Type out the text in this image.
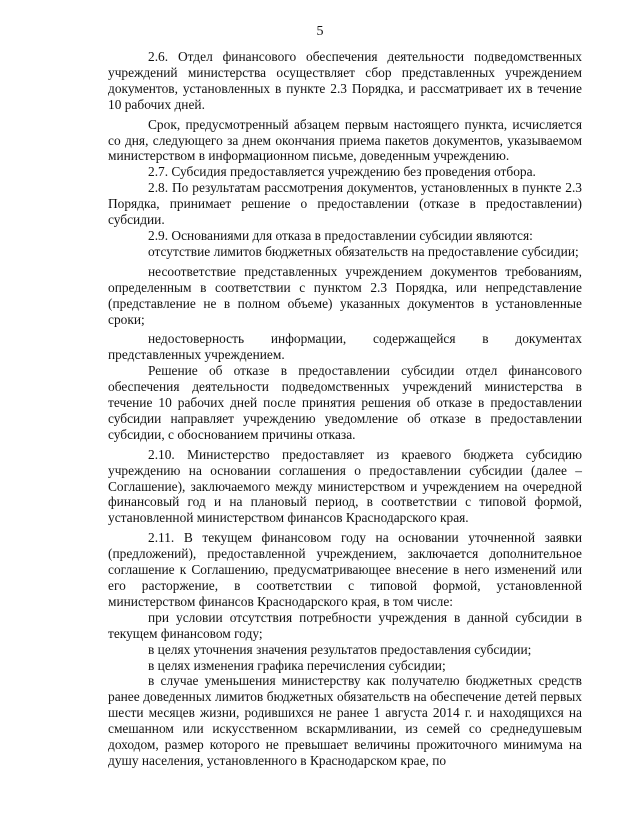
5

2.6. Отдел финансового обеспечения деятельности подведомственных учреждений министерства осуществляет сбор представленных учреждением документов, установленных в пункте 2.3 Порядка, и рассматривает их в течение 10 рабочих дней.

Срок, предусмотренный абзацем первым настоящего пункта, исчисляется со дня, следующего за днем окончания приема пакетов документов, указываемом министерством в информационном письме, доведенным учреждению.

2.7. Субсидия предоставляется учреждению без проведения отбора.

2.8. По результатам рассмотрения документов, установленных в пункте 2.3 Порядка, принимает решение о предоставлении (отказе в предоставлении) субсидии.

2.9. Основаниями для отказа в предоставлении субсидии являются:

отсутствие лимитов бюджетных обязательств на предоставление субсидии;

несоответствие представленных учреждением документов требованиям, определенным в соответствии с пунктом 2.3 Порядка, или непредставление (представление не в полном объеме) указанных документов в установленные сроки;

недостоверность информации, содержащейся в документах представленных учреждением.

Решение об отказе в предоставлении субсидии отдел финансового обеспечения деятельности подведомственных учреждений министерства в течение 10 рабочих дней после принятия решения об отказе в предоставлении субсидии направляет учреждению уведомление об отказе в предоставлении субсидии, с обоснованием причины отказа.

2.10. Министерство предоставляет из краевого бюджета субсидию учреждению на основании соглашения о предоставлении субсидии (далее – Соглашение), заключаемого между министерством и учреждением на очередной финансовый год и на плановый период, в соответствии с типовой формой, установленной министерством финансов Краснодарского края.

2.11. В текущем финансовом году на основании уточненной заявки (предложений), предоставленной учреждением, заключается дополнительное соглашение к Соглашению, предусматривающее внесение в него изменений или его расторжение, в соответствии с типовой формой, установленной министерством финансов Краснодарского края, в том числе:

при условии отсутствия потребности учреждения в данной субсидии в текущем финансовом году;

в целях уточнения значения результатов предоставления субсидии;

в целях изменения графика перечисления субсидии;

в случае уменьшения министерству как получателю бюджетных средств ранее доведенных лимитов бюджетных обязательств на обеспечение детей первых шести месяцев жизни, родившихся не ранее 1 августа 2014 г. и находящихся на смешанном или искусственном вскармливании, из семей со среднедушевым доходом, размер которого не превышает величины прожиточного минимума на душу населения, установленного в Краснодарском крае, по
